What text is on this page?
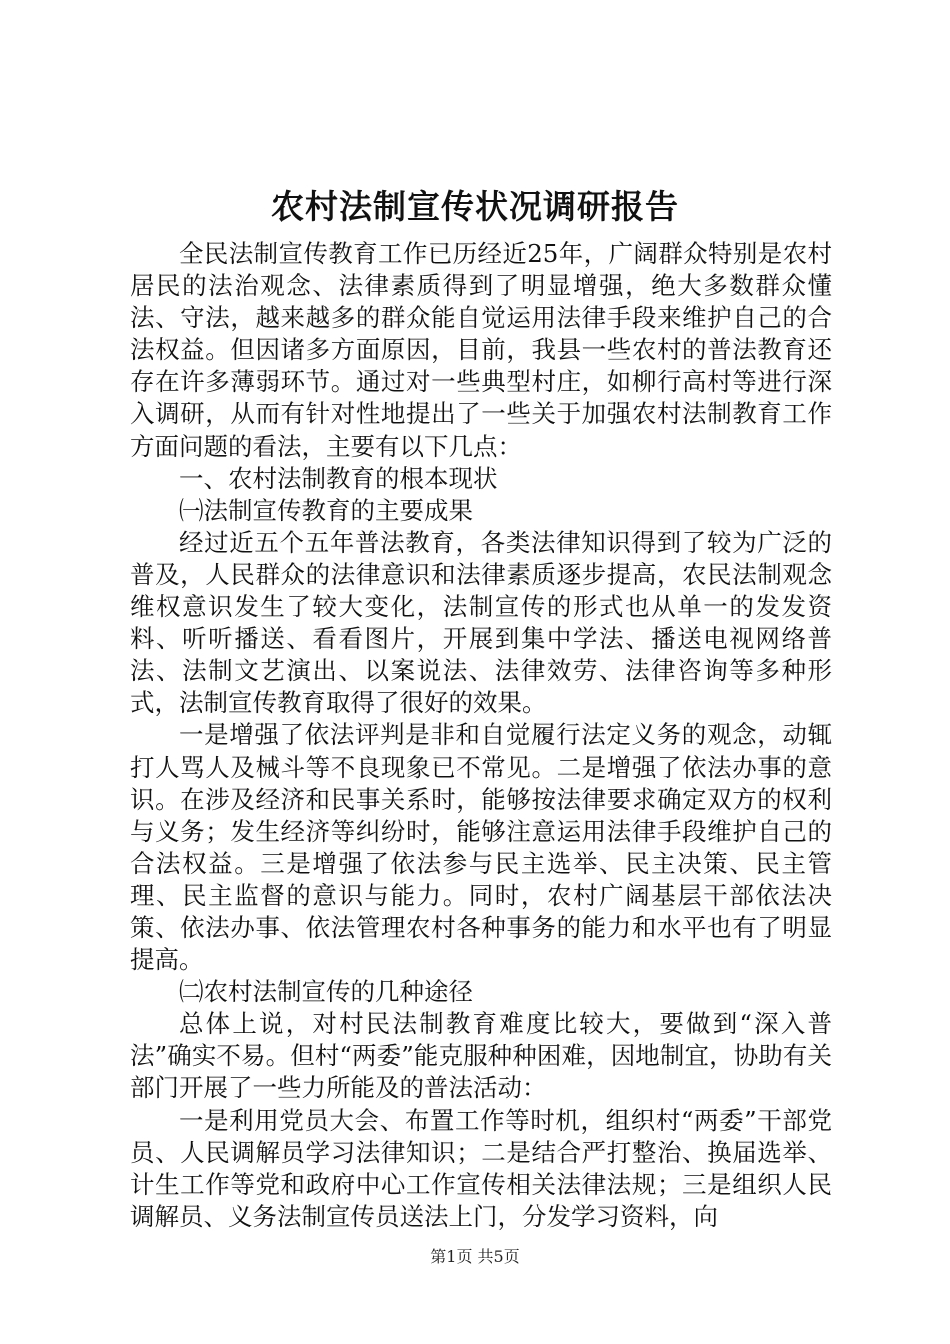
农村法制宣传状况调研报告

全民法制宣传教育工作已历经近25年，广阔群众特别是农村居民的法治观念、法律素质得到了明显增强，绝大多数群众懂法、守法，越来越多的群众能自觉运用法律手段来维护自己的合法权益。但因诸多方面原因，目前，我县一些农村的普法教育还存在许多薄弱环节。通过对一些典型村庄，如柳行高村等进行深入调研，从而有针对性地提出了一些关于加强农村法制教育工作方面问题的看法，主要有以下几点：

一、农村法制教育的根本现状

㈠法制宣传教育的主要成果

经过近五个五年普法教育，各类法律知识得到了较为广泛的普及，人民群众的法律意识和法律素质逐步提高，农民法制观念维权意识发生了较大变化，法制宣传的形式也从单一的发发资料、听听播送、看看图片，开展到集中学法、播送电视网络普法、法制文艺演出、以案说法、法律效劳、法律咨询等多种形式，法制宣传教育取得了很好的效果。

一是增强了依法评判是非和自觉履行法定义务的观念，动辄打人骂人及械斗等不良现象已不常见。二是增强了依法办事的意识。在涉及经济和民事关系时，能够按法律要求确定双方的权利与义务；发生经济等纠纷时，能够注意运用法律手段维护自己的合法权益。三是增强了依法参与民主选举、民主决策、民主管理、民主监督的意识与能力。同时，农村广阔基层干部依法决策、依法办事、依法管理农村各种事务的能力和水平也有了明显提高。

㈡农村法制宣传的几种途径

总体上说，对村民法制教育难度比较大，要做到“深入普法”确实不易。但村“两委”能克服种种困难，因地制宜，协助有关部门开展了一些力所能及的普法活动：

一是利用党员大会、布置工作等时机，组织村“两委”干部党员、人民调解员学习法律知识；二是结合严打整治、换届选举、计生工作等党和政府中心工作宣传相关法律法规；三是组织人民调解员、义务法制宣传员送法上门，分发学习资料，向

第1页 共5页
